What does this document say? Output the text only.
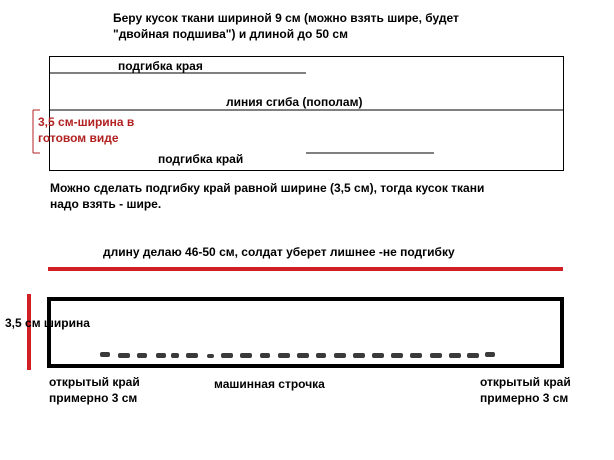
Беру кусок ткани шириной 9 см (можно взять шире, будет
"двойная подшива") и длиной до 50 см
подгибка края
линия сгиба (пополам)
3,5 см-ширина в
готовом виде
подгибка край
Можно сделать подгибку край равной ширине (3,5 см), тогда кусок ткани
надо взять - шире.
длину делаю 46-50 см, солдат уберет лишнее -не подгибку
3,5 см ширина
открытый край
примерно 3 см
машинная строчка	открытый край
примерно 3 см
